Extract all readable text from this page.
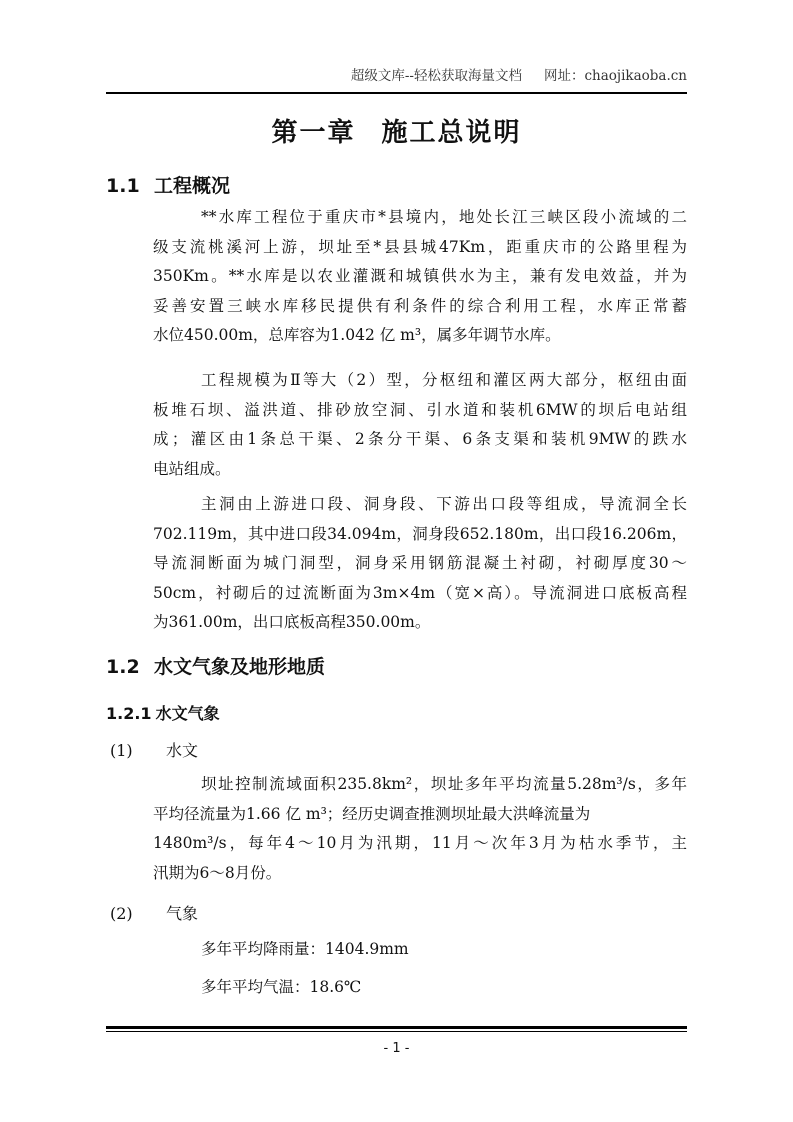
超级文库--轻松获取海量文档 网址：chaojikaoba.cn
第一章 施工总说明
1.1 工程概况
**水库工程位于重庆市*县境内，地处长江三峡区段小流域的二
级支流桃溪河上游，坝址至*县县城47Km，距重庆市的公路里程为
350Km。**水库是以农业灌溉和城镇供水为主，兼有发电效益，并为
妥善安置三峡水库移民提供有利条件的综合利用工程，水库正常蓄
水位450.00m，总库容为1.042 亿 m³，属多年调节水库。
工程规模为Ⅱ等大（2）型，分枢纽和灌区两大部分，枢纽由面
板堆石坝、溢洪道、排砂放空洞、引水道和装机6MW的坝后电站组
成；灌区由1条总干渠、2条分干渠、6条支渠和装机9MW的跌水
电站组成。
主洞由上游进口段、洞身段、下游出口段等组成，导流洞全长
702.119m，其中进口段34.094m，洞身段652.180m，出口段16.206m，
导流洞断面为城门洞型，洞身采用钢筋混凝土衬砌，衬砌厚度30～
50cm，衬砌后的过流断面为3m×4m（宽×高）。导流洞进口底板高程
为361.00m，出口底板高程350.00m。
1.2 水文气象及地形地质
1.2.1 水文气象
(1) 水文
坝址控制流域面积235.8km²，坝址多年平均流量5.28m³/s，多年
平均径流量为1.66 亿 m³；经历史调查推测坝址最大洪峰流量为
1480m³/s，每年4～10月为汛期，11月～次年3月为枯水季节，主
汛期为6～8月份。
(2) 气象
多年平均降雨量：1404.9mm
多年平均气温：18.6℃
- 1 -
